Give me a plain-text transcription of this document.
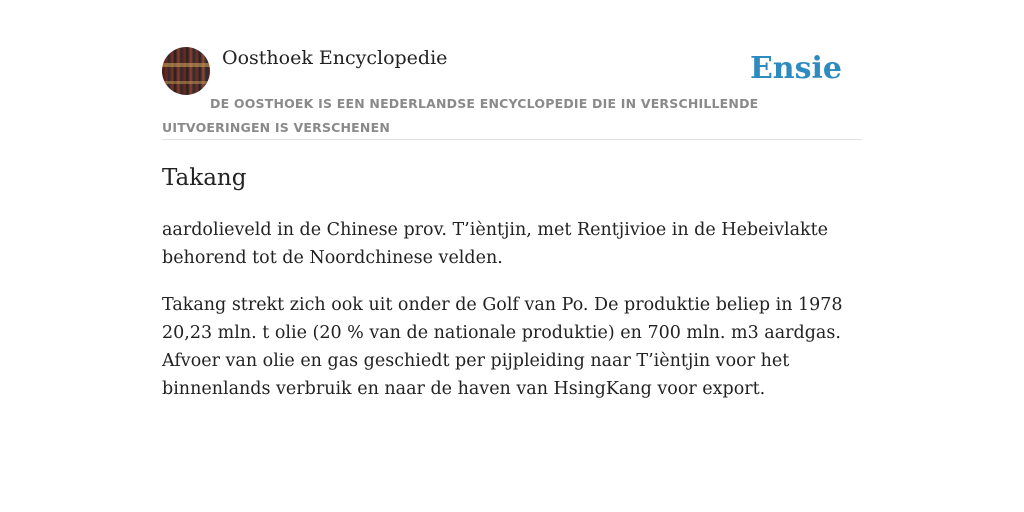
Oosthoek Encyclopedie	Ensie
DE OOSTHOEK IS EEN NEDERLANDSE ENCYCLOPEDIE DIE IN VERSCHILLENDE UITVOERINGEN IS VERSCHENEN
Takang

aardolieveld in de Chinese prov. T’ièntjin, met Rentjivioe in de Hebeivlakte behorend tot de Noordchinese velden.

Takang strekt zich ook uit onder de Golf van Po. De produktie beliep in 1978 20,23 mln. t olie (20 % van de nationale produktie) en 700 mln. m3 aardgas. Afvoer van olie en gas geschiedt per pijpleiding naar T’ièntjin voor het binnenlands verbruik en naar de haven van HsingKang voor export.
